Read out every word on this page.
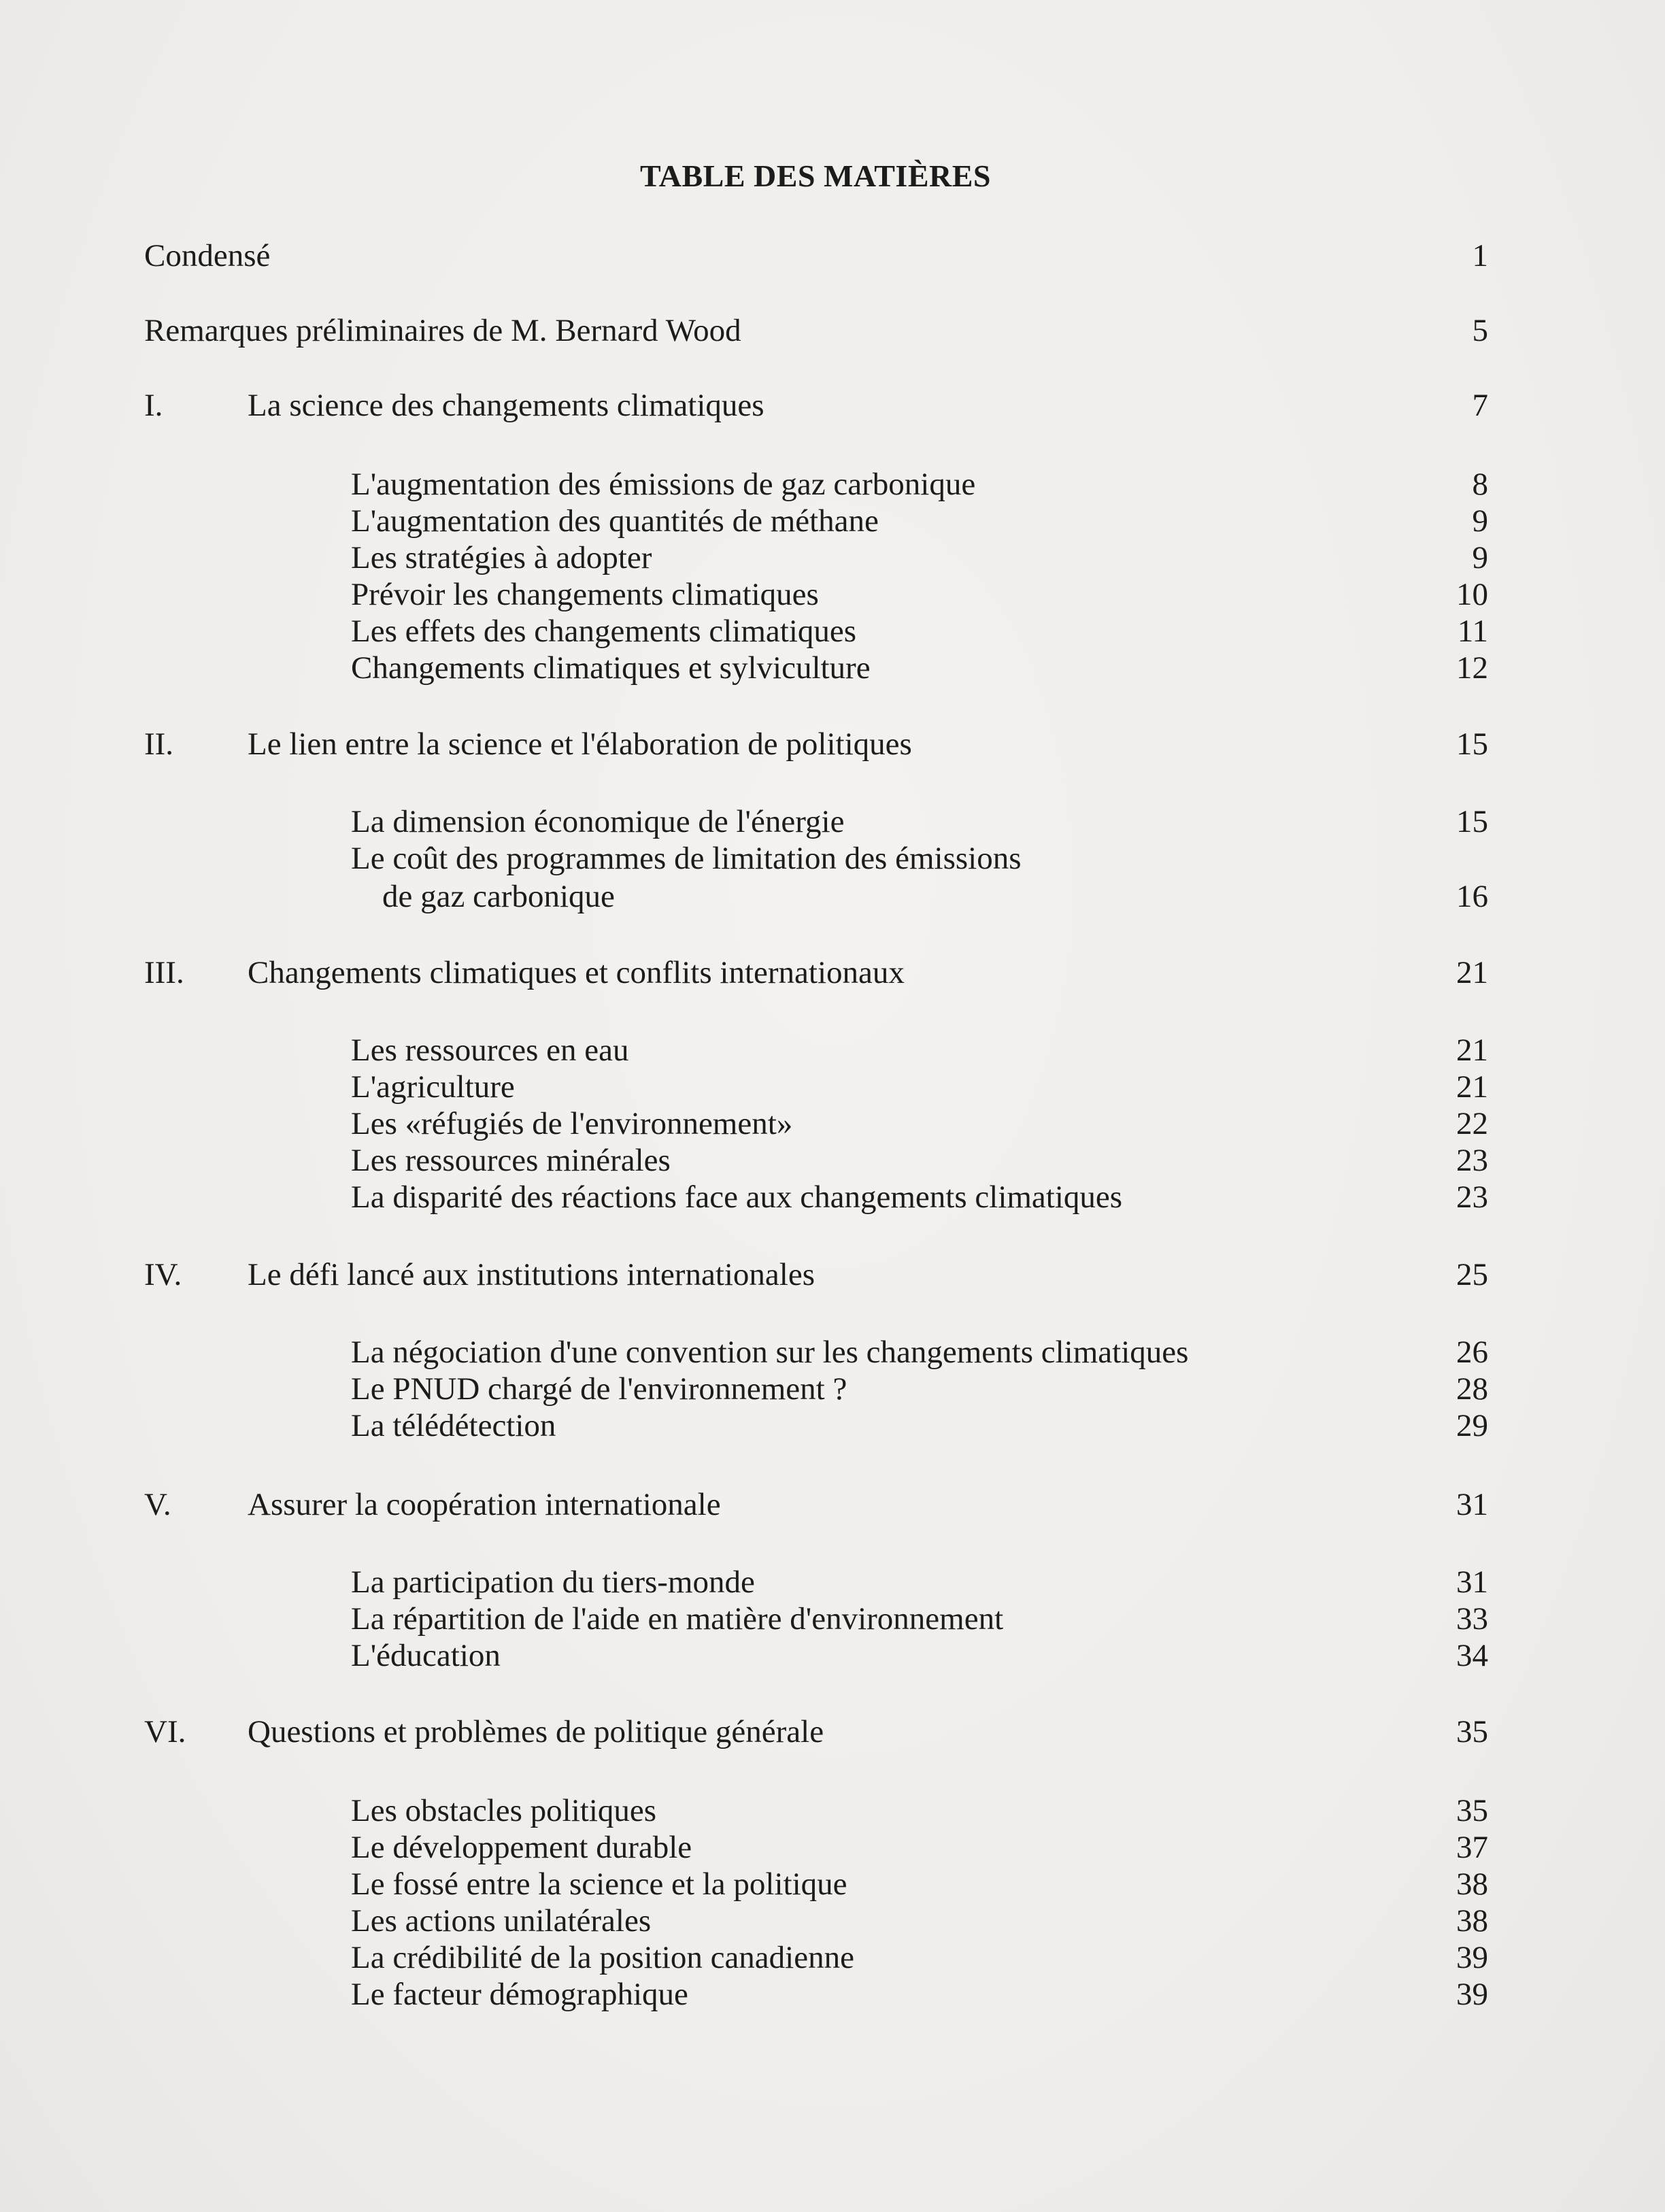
TABLE DES MATIÈRES
Condensé	1
Remarques préliminaires de M. Bernard Wood	5
I.	La science des changements climatiques	7
L'augmentation des émissions de gaz carbonique	8
L'augmentation des quantités de méthane	9
Les stratégies à adopter	9
Prévoir les changements climatiques	10
Les effets des changements climatiques	11
Changements climatiques et sylviculture	12
II. Le lien entre la science et l'élaboration de politiques	15
La dimension économique de l'énergie	15
Le coût des programmes de limitation des émissions
de gaz carbonique	16
III. Changements climatiques et conflits internationaux	21
Les ressources en eau	21
L'agriculture	21
Les «réfugiés de l'environnement»	22
Les ressources minérales	23
La disparité des réactions face aux changements climatiques	23
IV. Le défi lancé aux institutions internationales	25
La négociation d'une convention sur les changements climatiques	26
Le PNUD chargé de l'environnement ?	28
La télédétection	29
V. Assurer la coopération internationale	31
La participation du tiers-monde	31
La répartition de l'aide en matière d'environnement	33
L'éducation	34
VI. Questions et problèmes de politique générale	35
Les obstacles politiques	35
Le développement durable	37
Le fossé entre la science et la politique	38
Les actions unilatérales	38
La crédibilité de la position canadienne	39
Le facteur démographique	39
